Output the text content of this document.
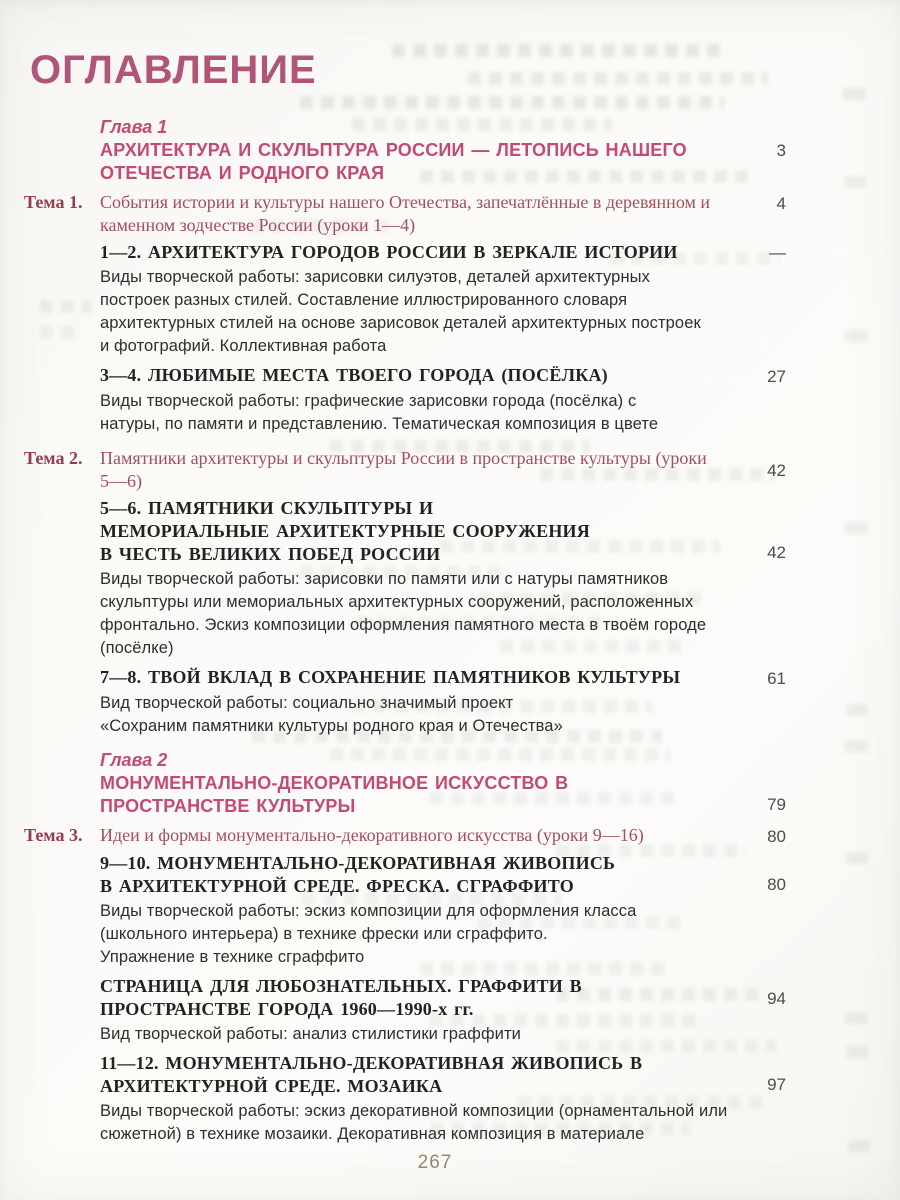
ОГЛАВЛЕНИЕ
Глава 1
АРХИТЕКТУРА И СКУЛЬПТУРА РОССИИ — ЛЕТОПИСЬ НАШЕГО ОТЕЧЕСТВА И РОДНОГО КРАЯ
3
Тема 1. События истории и культуры нашего Отечества, запечатлённые в деревянном и каменном зодчестве России (уроки 1—4)
4
1—2. АРХИТЕКТУРА ГОРОДОВ РОССИИ В ЗЕРКАЛЕ ИСТОРИИ	—
Виды творческой работы: зарисовки силуэтов, деталей архитектурных построек разных стилей. Составление иллюстрированного словаря архитектурных стилей на основе зарисовок деталей архитектурных построек и фотографий. Коллективная работа
3—4. ЛЮБИМЫЕ МЕСТА ТВОЕГО ГОРОДА (ПОСЁЛКА)	27
Виды творческой работы: графические зарисовки города (посёлка) с натуры, по памяти и представлению. Тематическая композиция в цвете
Тема 2. Памятники архитектуры и скульптуры России в пространстве культуры (уроки 5—6)
42
5—6. ПАМЯТНИКИ СКУЛЬПТУРЫ И МЕМОРИАЛЬНЫЕ АРХИТЕКТУРНЫЕ СООРУЖЕНИЯ В ЧЕСТЬ ВЕЛИКИХ ПОБЕД РОССИИ	42
Виды творческой работы: зарисовки по памяти или с натуры памятников скульптуры или мемориальных архитектурных сооружений, расположенных фронтально. Эскиз композиции оформления памятного места в твоём городе (посёлке)
7—8. ТВОЙ ВКЛАД В СОХРАНЕНИЕ ПАМЯТНИКОВ КУЛЬТУРЫ	61
Вид творческой работы: социально значимый проект «Сохраним памятники культуры родного края и Отечества»
Глава 2
МОНУМЕНТАЛЬНО-ДЕКОРАТИВНОЕ ИСКУССТВО В ПРОСТРАНСТВЕ КУЛЬТУРЫ	79
Тема 3. Идеи и формы монументально-декоративного искусства (уроки 9—16)	80
9—10. МОНУМЕНТАЛЬНО-ДЕКОРАТИВНАЯ ЖИВОПИСЬ В АРХИТЕКТУРНОЙ СРЕДЕ. ФРЕСКА. СГРАФФИТО	80
Виды творческой работы: эскиз композиции для оформления класса (школьного интерьера) в технике фрески или сграффито. Упражнение в технике сграффито
СТРАНИЦА ДЛЯ ЛЮБОЗНАТЕЛЬНЫХ. ГРАФФИТИ В ПРОСТРАНСТВЕ ГОРОДА 1960—1990-х гг.
94
Вид творческой работы: анализ стилистики граффити
11—12. МОНУМЕНТАЛЬНО-ДЕКОРАТИВНАЯ ЖИВОПИСЬ В АРХИТЕКТУРНОЙ СРЕДЕ. МОЗАИКА	97
Виды творческой работы: эскиз декоративной композиции (орнаментальной или сюжетной) в технике мозаики. Декоративная композиция в материале
267
